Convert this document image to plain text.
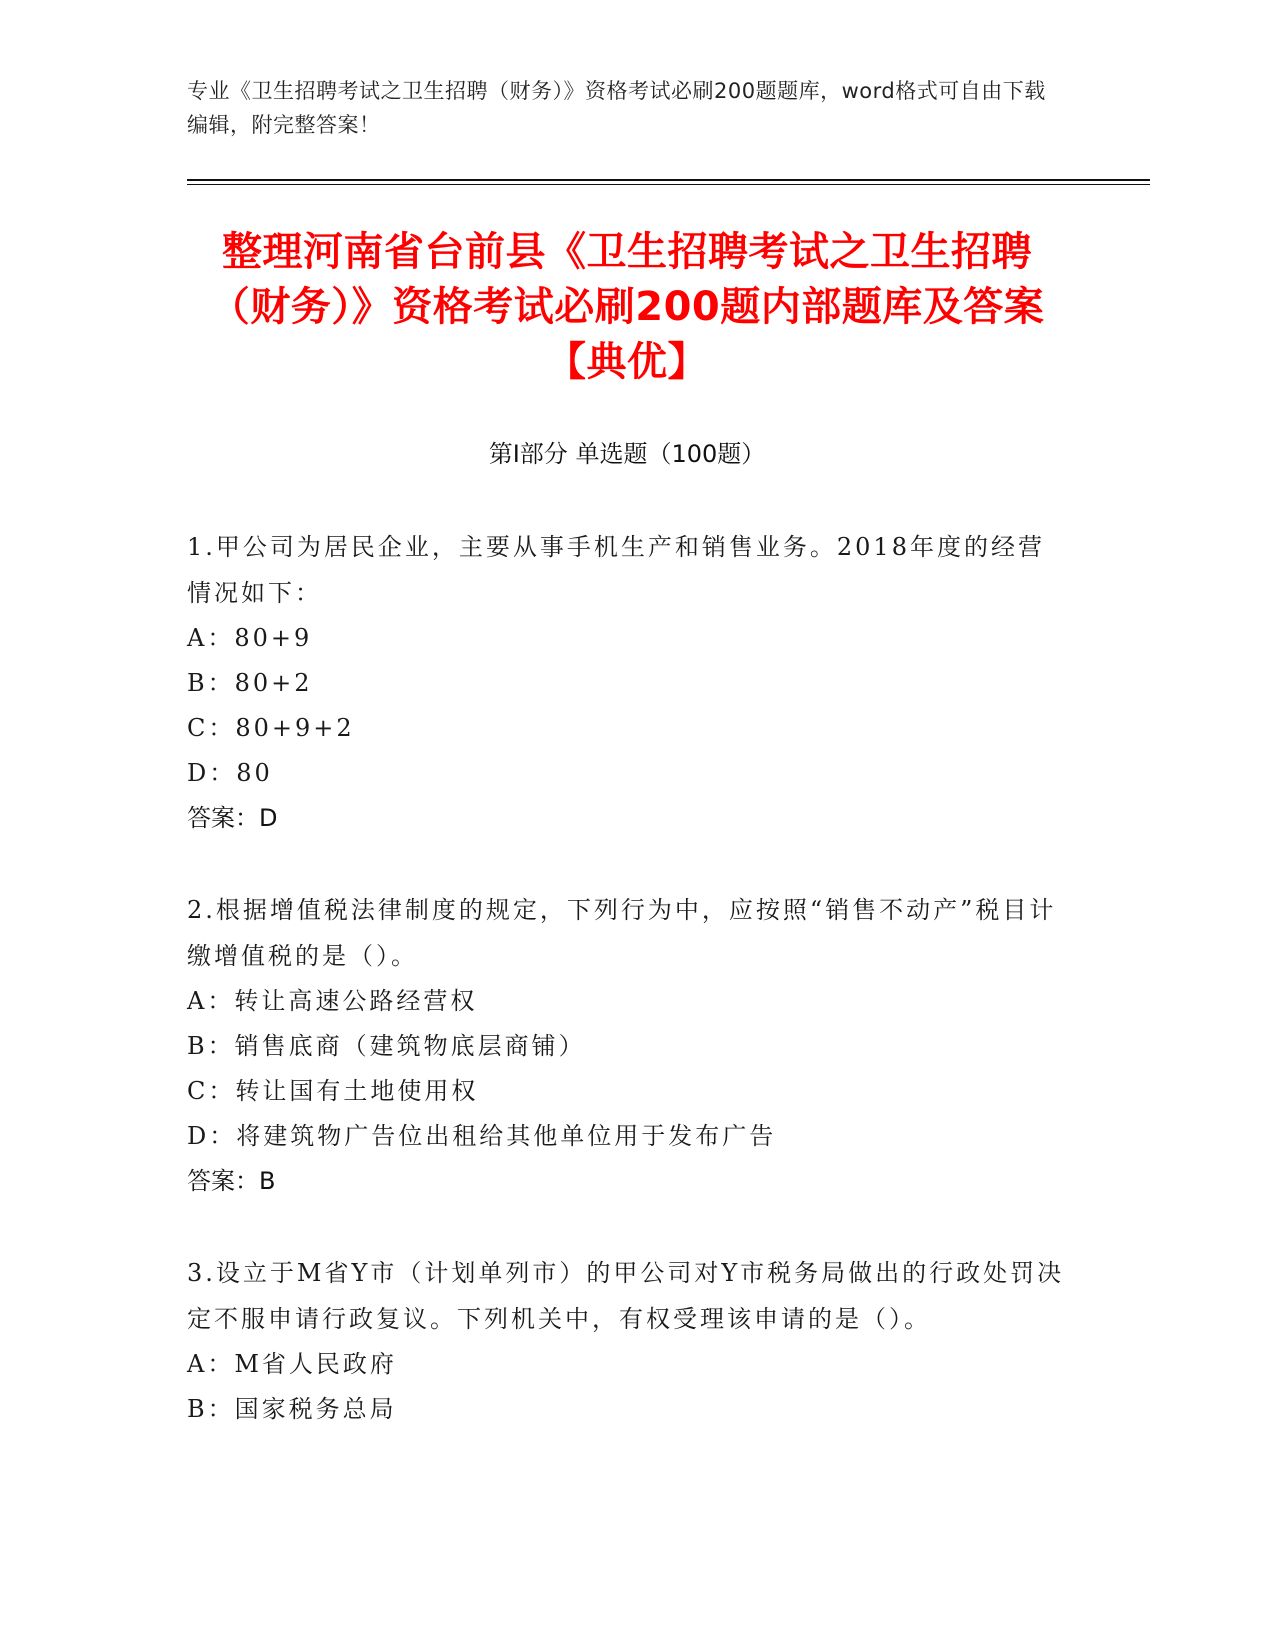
专业《卫生招聘考试之卫生招聘（财务）》资格考试必刷200题题库，word格式可自由下载编辑，附完整答案！
整理河南省台前县《卫生招聘考试之卫生招聘（财务）》资格考试必刷200题内部题库及答案【典优】
第Ⅰ部分 单选题（100题）
1.甲公司为居民企业，主要从事手机生产和销售业务。2018年度的经营情况如下：
A：80+9
B：80+2
C：80+9+2
D：80
答案：D
2.根据增值税法律制度的规定，下列行为中，应按照“销售不动产”税目计缴增值税的是（）。
A：转让高速公路经营权
B：销售底商（建筑物底层商铺）
C：转让国有土地使用权
D：将建筑物广告位出租给其他单位用于发布广告
答案：B
3.设立于M省Y市（计划单列市）的甲公司对Y市税务局做出的行政处罚决定不服申请行政复议。下列机关中，有权受理该申请的是（）。
A：M省人民政府
B：国家税务总局
